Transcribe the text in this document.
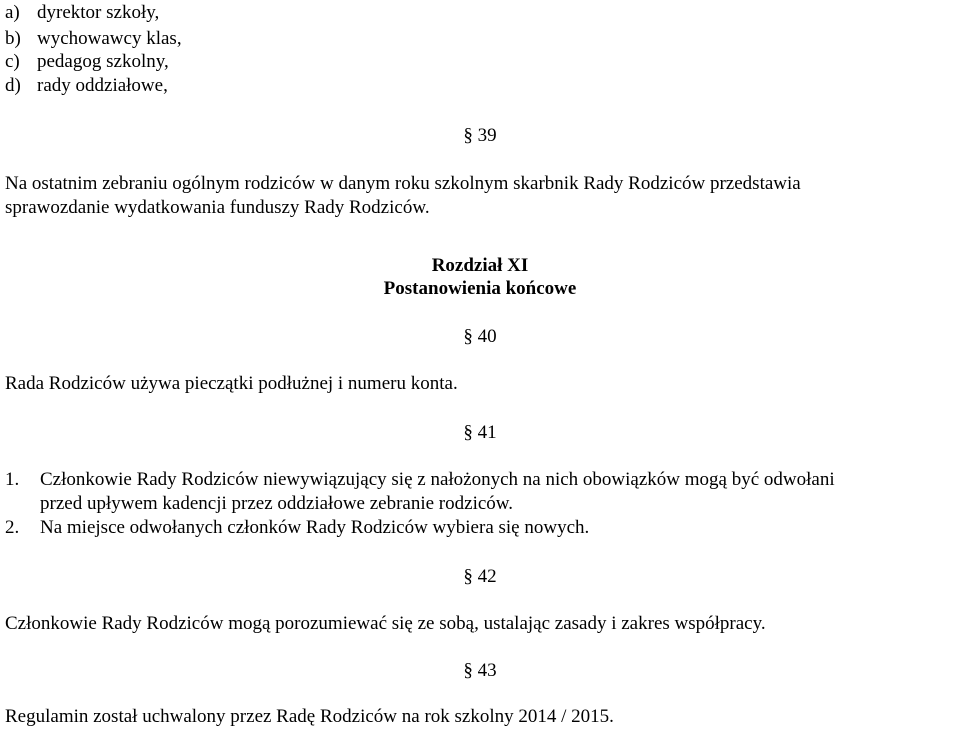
a) dyrektor szkoły,
b) wychowawcy klas,
c) pedagog szkolny,
d) rady oddziałowe,
§ 39
Na ostatnim zebraniu ogólnym rodziców w danym roku szkolnym skarbnik Rady Rodziców przedstawia
sprawozdanie wydatkowania funduszy Rady Rodziców.
Rozdział XI
Postanowienia końcowe
§ 40
Rada Rodziców używa pieczątki podłużnej i numeru konta.
§ 41
1. Członkowie Rady Rodziców niewywiązujący się z nałożonych na nich obowiązków mogą być odwołani
przed upływem kadencji przez oddziałowe zebranie rodziców.
2. Na miejsce odwołanych członków Rady Rodziców wybiera się nowych.
§ 42
Członkowie Rady Rodziców mogą porozumiewać się ze sobą, ustalając zasady i zakres współpracy.
§ 43
Regulamin został uchwalony przez Radę Rodziców na rok szkolny 2014 / 2015.
